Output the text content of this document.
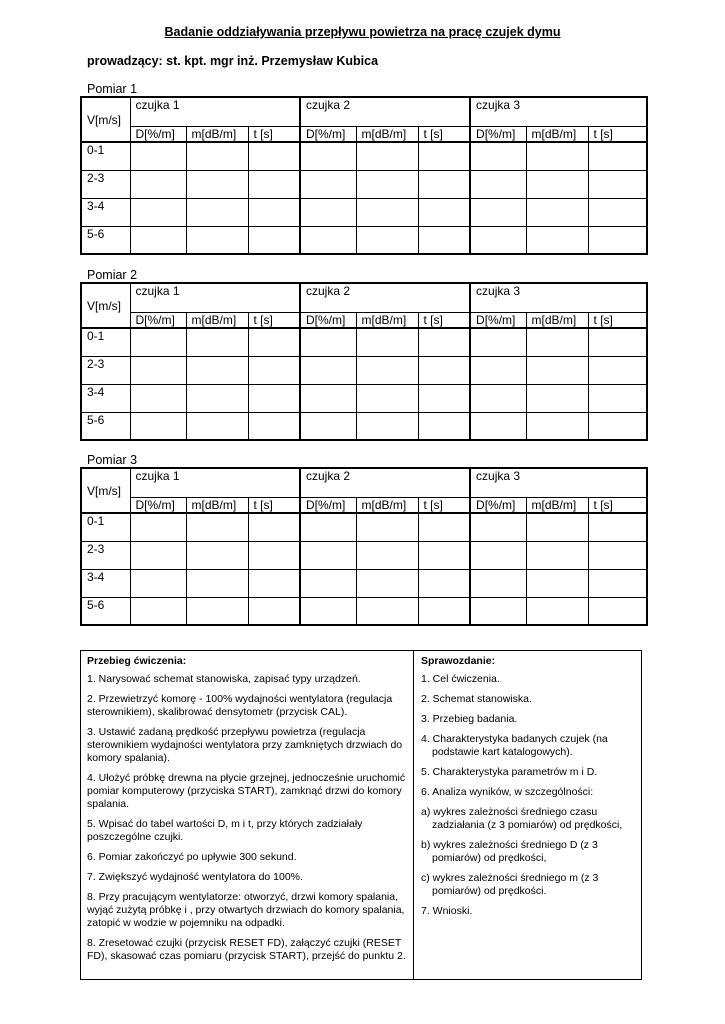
Badanie oddziaływania przepływu powietrza na pracę czujek dymu
prowadzący: st. kpt. mgr inż. Przemysław Kubica
Pomiar 1
V[m/s]	czujka 1			czujka 2			czujka 3		
	D[%/m]	m[dB/m]	t [s]	D[%/m]	m[dB/m]	t [s]	D[%/m]	m[dB/m]	t [s]
0-1									
2-3									
3-4									
5-6									
Pomiar 2
V[m/s]	czujka 1			czujka 2			czujka 3		
	D[%/m]	m[dB/m]	t [s]	D[%/m]	m[dB/m]	t [s]	D[%/m]	m[dB/m]	t [s]
0-1									
2-3									
3-4									
5-6									
Pomiar 3
V[m/s]	czujka 1			czujka 2			czujka 3		
	D[%/m]	m[dB/m]	t [s]	D[%/m]	m[dB/m]	t [s]	D[%/m]	m[dB/m]	t [s]
0-1									
2-3									
3-4									
5-6									
Przebieg ćwiczenia:
1. Narysować schemat stanowiska, zapisać typy urządzeń.
2. Przewietrzyć komorę - 100% wydajności wentylatora (regulacja sterownikiem), skalibrować densytometr (przycisk CAL).
3. Ustawić zadaną prędkość przepływu powietrza (regulacja sterownikiem wydajności wentylatora przy zamkniętych drzwiach do komory spalania).
4. Ułożyć próbkę drewna na płycie grzejnej, jednocześnie uruchomić pomiar komputerowy (przyciska START), zamknąć drzwi do komory spalania.
5. Wpisać do tabel wartości D, m i t, przy których zadziałały poszczególne czujki.
6. Pomiar zakończyć po upływie 300 sekund.
7. Zwiększyć wydajność wentylatora do 100%.
8. Przy pracującym wentylatorze: otworzyć, drzwi komory spalania, wyjąć zużytą próbkę i , przy otwartych drzwiach do komory spalania, zatopić w wodzie w pojemniku na odpadki.
8. Zresetować czujki (przycisk RESET FD), załączyć czujki (RESET FD), skasować czas pomiaru (przycisk START), przejść do punktu 2.
Sprawozdanie:
1. Cel ćwiczenia.
2. Schemat stanowiska.
3. Przebieg badania.
4. Charakterystyka badanych czujek (na podstawie kart katalogowych).
5. Charakterystyka parametrów m i D.
6. Analiza wyników, w szczególności:
a) wykres zależności średniego czasu zadziałania (z 3 pomiarów) od prędkości,
b) wykres zależności średniego D (z 3 pomiarów) od prędkości,
c) wykres zależności średniego m (z 3 pomiarów) od prędkości.
7. Wnioski.
